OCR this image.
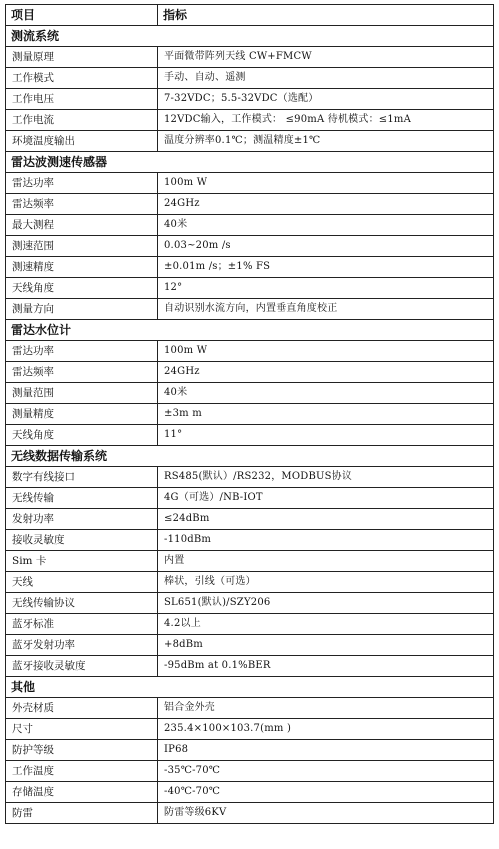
项目	指标
测流系统	
测量原理	平面微带阵列天线 CW+FMCW
工作模式	手动、自动、遥测
工作电压	7-32VDC；5.5-32VDC（选配）
工作电流	12VDC输入，工作模式： ≤90mA 待机模式：≤1mA
环境温度输出	温度分辨率0.1℃；测温精度±1℃
雷达波测速传感器	
雷达功率	100m W
雷达频率	24GHz
最大测程	40米
测速范围	0.03~20m /s
测速精度	±0.01m /s；±1% FS
天线角度	12°
测量方向	自动识别水流方向，内置垂直角度校正
雷达水位计	
雷达功率	100m W
雷达频率	24GHz
测量范围	40米
测量精度	±3m m
天线角度	11°
无线数据传输系统	
数字有线接口	RS485(默认）/RS232，MODBUS协议
无线传输	4G（可选）/NB-IOT
发射功率	≤24dBm
接收灵敏度	-110dBm
Sim 卡	内置
天线	棒状，引线（可选）
无线传输协议	SL651(默认)/SZY206
蓝牙标准	4.2以上
蓝牙发射功率	+8dBm
蓝牙接收灵敏度	-95dBm at 0.1%BER
其他	
外壳材质	铝合金外壳
尺寸	235.4×100×103.7(mm )
防护等级	IP68
工作温度	-35℃-70℃
存储温度	-40℃-70℃
防雷	防雷等级6KV
